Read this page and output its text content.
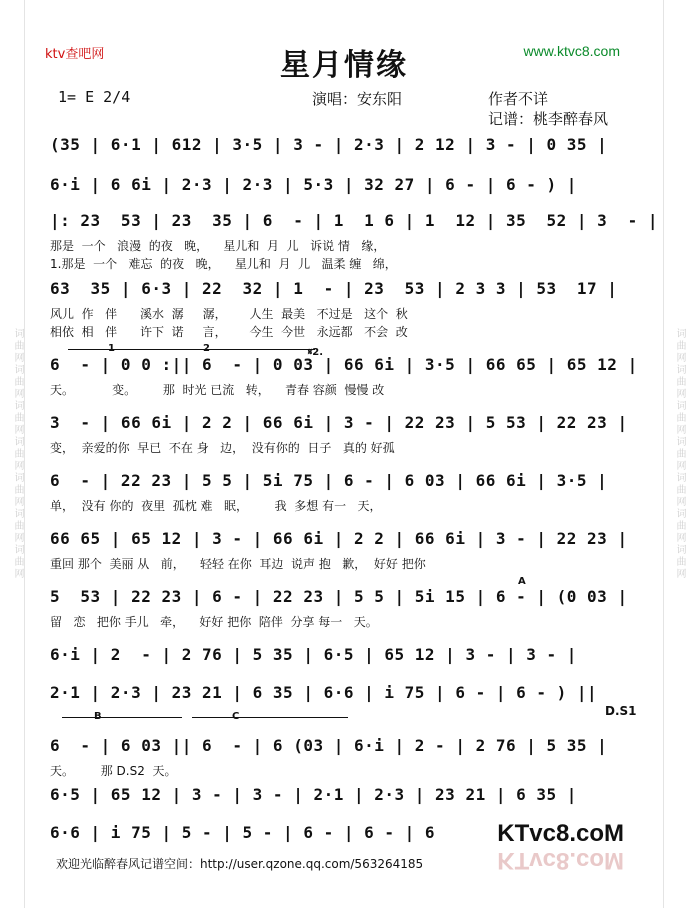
词曲网词曲网词曲网词曲网词曲网词曲网词曲网	词曲网词曲网词曲网词曲网词曲网词曲网词曲网
ktv查吧网	www.ktvc8.com
星月情缘
1= E 2/4	演唱：安东阳	作者不详
记谱：桃李醉春风
(35 | 6·1 | 612 | 3·5 | 3 - | 2·3 | 2 12 | 3 - | 0 35 |
6·i | 6 6i | 2·3 | 2·3 | 5·3 | 32 27 | 6 - | 6 - ) |
|: 23  53 | 23  35 | 6  - | 1  1 6 | 1  12 | 35  52 | 3  - |
那是  一个   浪漫  的夜   晚，    星儿和  月  儿   诉说 情   缘，
1.那是  一个   难忘  的夜   晚，    星儿和  月  儿   温柔 缠   绵，
63  35 | 6·3 | 22  32 | 1  - | 23  53 | 2 3 3 | 53  17 |
风儿  作   伴      溪水  潺     潺，      人生  最美   不过是   这个  秋
相依  相   伴      许下  诺     言，      今生  今世   永远都   不会  改
6  - | 0 0 :|| 6  - | 0 03 | 66 6i | 3·5 | 66 65 | 65 12 |
天。          变。       那  时光 已流   转，    青春 容颜  慢慢 改
3  - | 66 6i | 2 2 | 66 6i | 3 - | 22 23 | 5 53 | 22 23 |
变，  亲爱的你  早已  不在 身   边，  没有你的  日子   真的 好孤
6  - | 22 23 | 5 5 | 5i 75 | 6 - | 6 03 | 66 6i | 3·5 |
单，  没有 你的  夜里  孤枕 难   眠，       我  多想 有一   天，
66 65 | 65 12 | 3 - | 66 6i | 2 2 | 66 6i | 3 - | 22 23 |
重回 那个  美丽 从   前，    轻轻 在你  耳边  说声 抱   歉，  好好 把你
5  53 | 22 23 | 6 - | 22 23 | 5 5 | 5i 15 | 6 - | (0 03 |
留   恋   把你 手儿   牵，    好好 把你  陪伴  分享 每一   天。
6·i | 2  - | 2 76 | 5 35 | 6·5 | 65 12 | 3 - | 3 - |
2·1 | 2·3 | 23 21 | 6 35 | 6·6 | i 75 | 6 - | 6 - ) ||
6  - | 6 03 || 6  - | 6 (03 | 6·i | 2 - | 2 76 | 5 35 |
天。       那 D.S2  天。
6·5 | 65 12 | 3 - | 3 - | 2·1 | 2·3 | 23 21 | 6 35 |
6·6 | i 75 | 5 - | 5 - | 6 - | 6 - | 6
1	2	𝄋2.
A
B	C	D.S1
欢迎光临醉春风记谱空间：http://user.qzone.qq.com/563264185
KTvc8.coM
KTvc8.coM
